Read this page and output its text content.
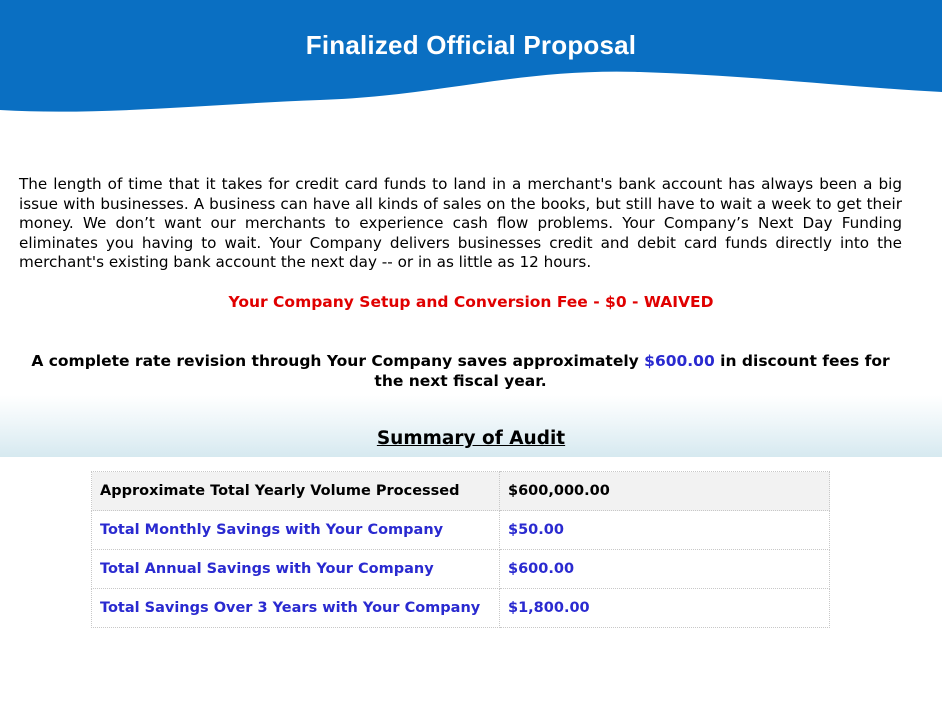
Finalized Official Proposal
The length of time that it takes for credit card funds to land in a merchant's bank account has always been a big issue with businesses. A business can have all kinds of sales on the books, but still have to wait a week to get their money. We don’t want our merchants to experience cash flow problems. Your Company’s Next Day Funding eliminates you having to wait. Your Company delivers businesses credit and debit card funds directly into the merchant's existing bank account the next day -- or in as little as 12 hours.
Your Company Setup and Conversion Fee - $0 - WAIVED
A complete rate revision through Your Company saves approximately $600.00 in discount fees for the next fiscal year.
Summary of Audit
Approximate Total Yearly Volume Processed	$600,000.00
Total Monthly Savings with Your Company	$50.00
Total Annual Savings with Your Company	$600.00
Total Savings Over 3 Years with Your Company	$1,800.00
